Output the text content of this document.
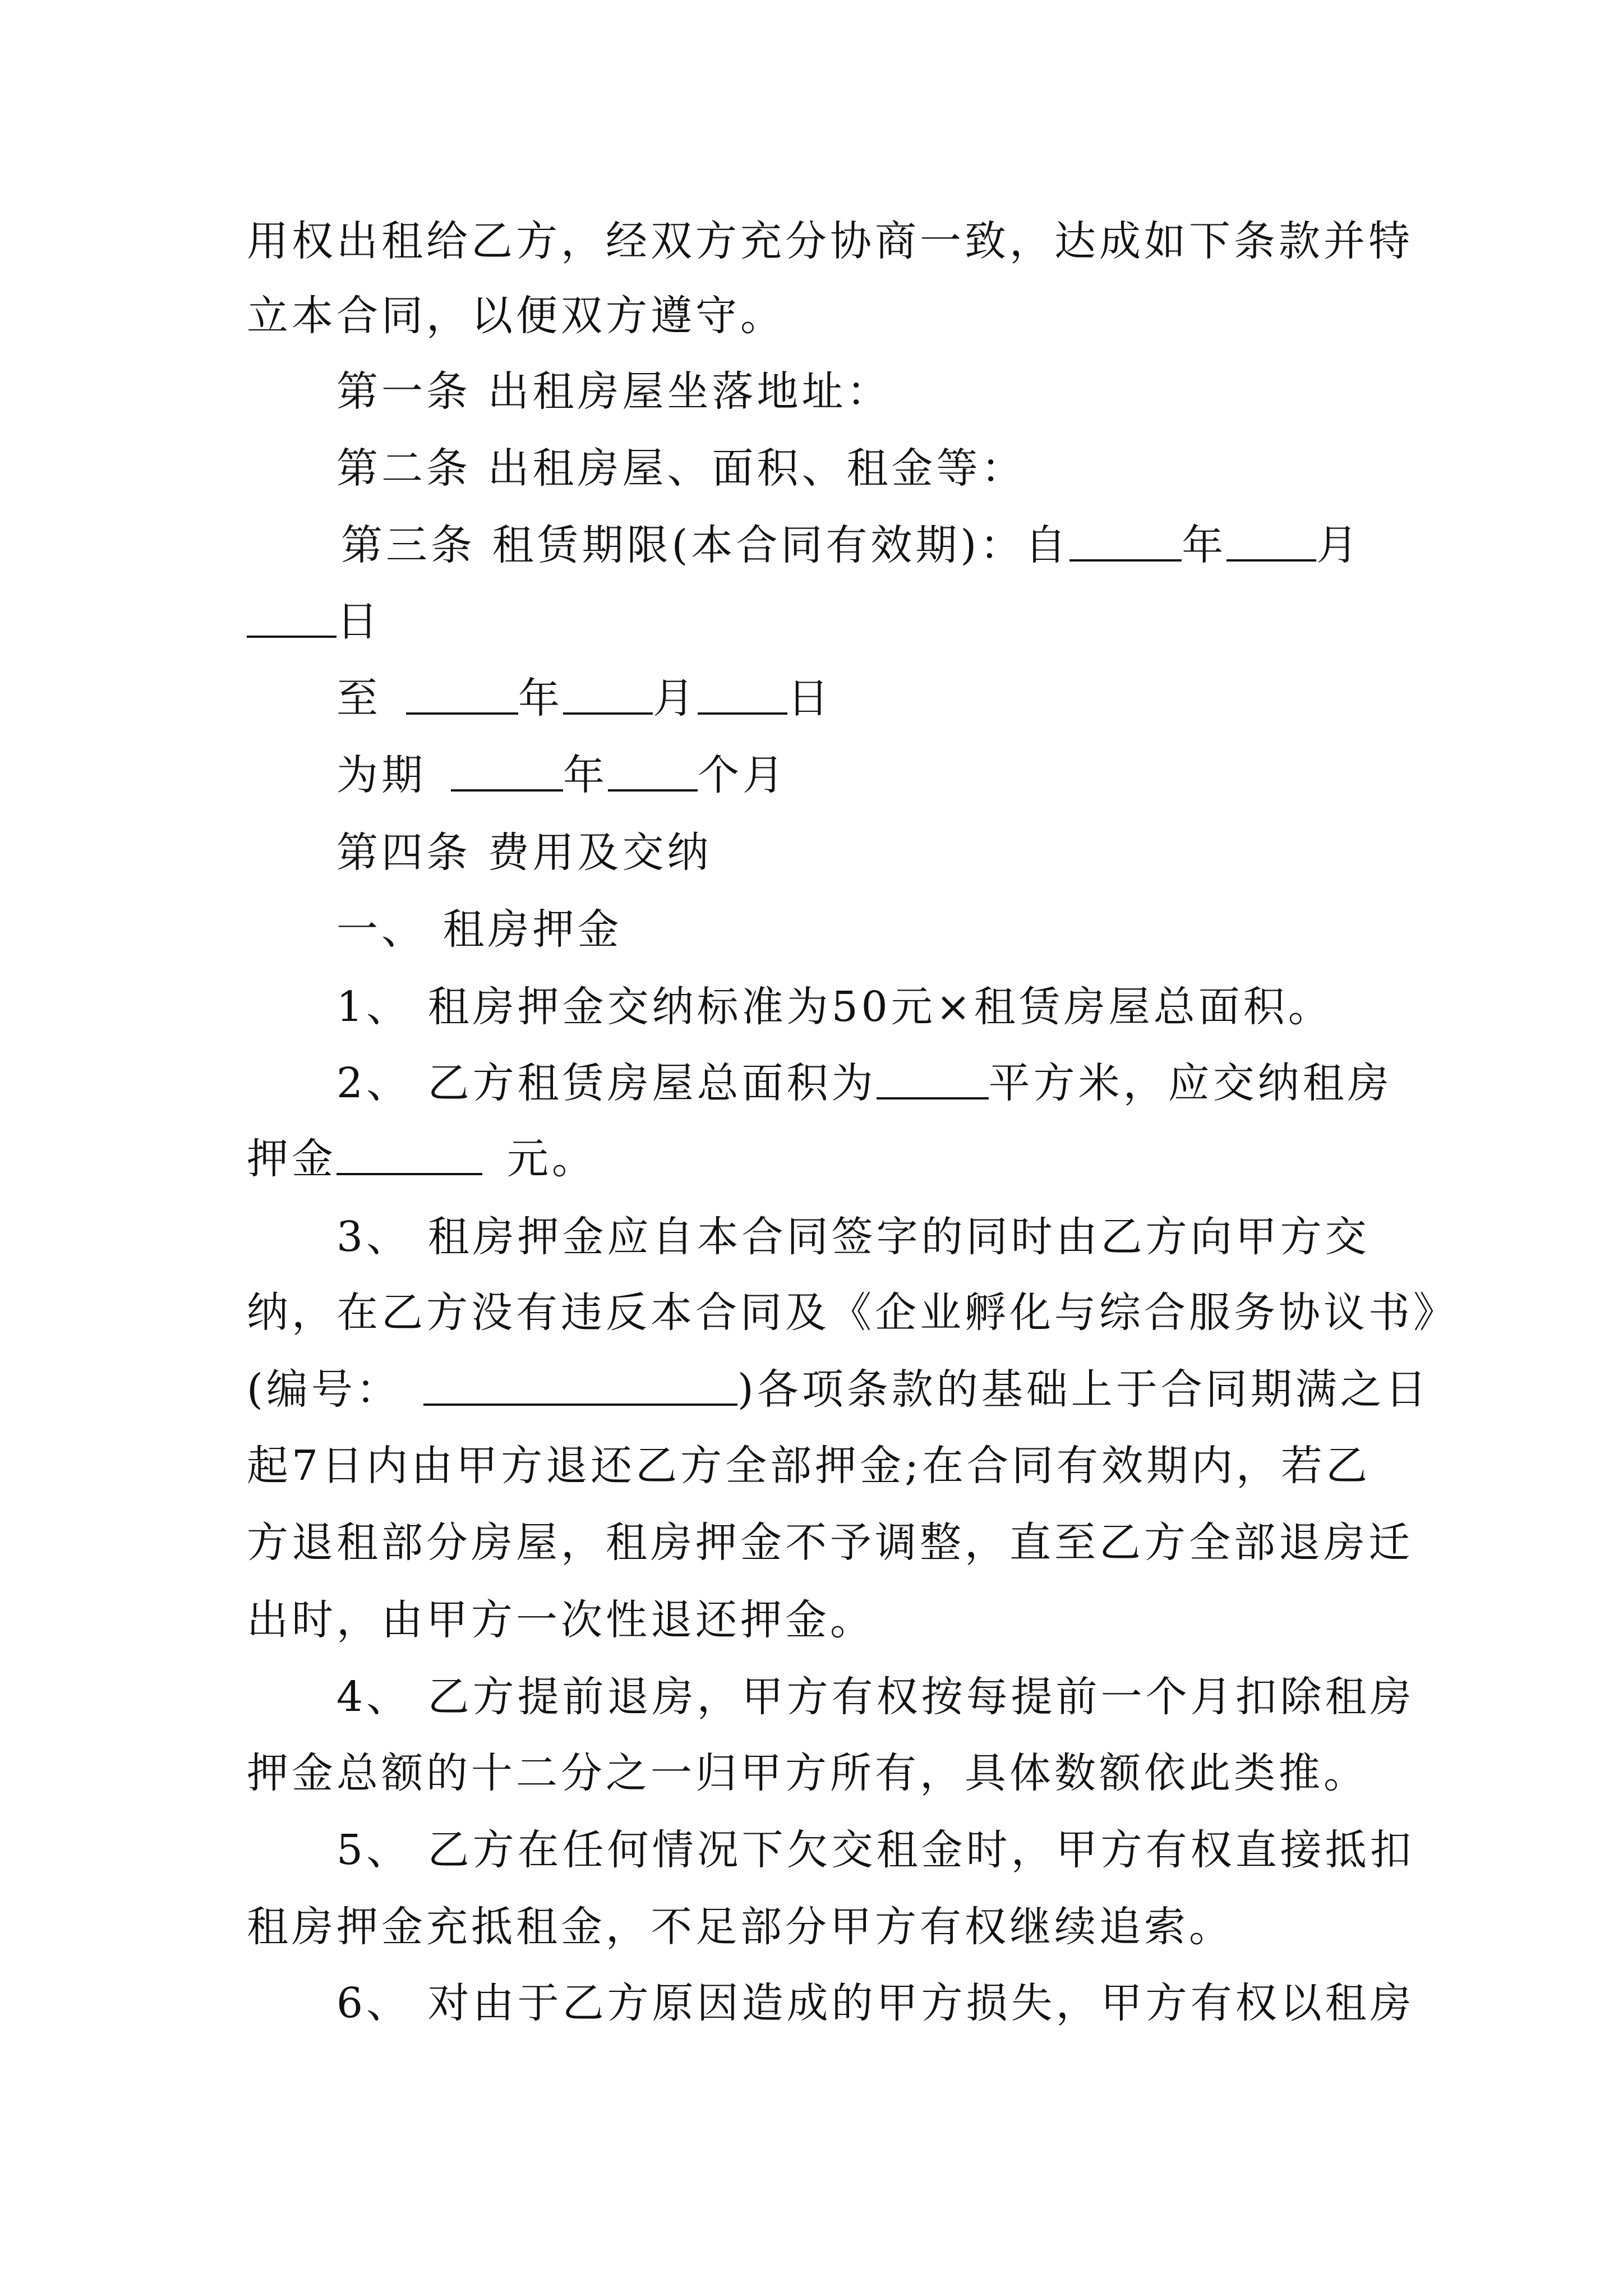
用权出租给乙方，经双方充分协商一致，达成如下条款并特
立本合同，以便双方遵守。
第一条 出租房屋坐落地址：
第二条 出租房屋、面积、租金等：
第三条 租赁期限(本合同有效期)：自	年 月
日
至	年 月 日
为期	年 个月
第四条 费用及交纳
一、 租房押金
1、 租房押金交纳标准为50元×租赁房屋总面积。
2、 乙方租赁房屋总面积为	平方米，应交纳租房
押金	元。
3、 租房押金应自本合同签字的同时由乙方向甲方交
纳，在乙方没有违反本合同及《企业孵化与综合服务协议书》
(编号：	)各项条款的基础上于合同期满之日
起7日内由甲方退还乙方全部押金;在合同有效期内，若乙
方退租部分房屋，租房押金不予调整，直至乙方全部退房迁
出时，由甲方一次性退还押金。
4、 乙方提前退房，甲方有权按每提前一个月扣除租房
押金总额的十二分之一归甲方所有，具体数额依此类推。
5、 乙方在任何情况下欠交租金时，甲方有权直接抵扣
租房押金充抵租金，不足部分甲方有权继续追索。
6、 对由于乙方原因造成的甲方损失，甲方有权以租房
